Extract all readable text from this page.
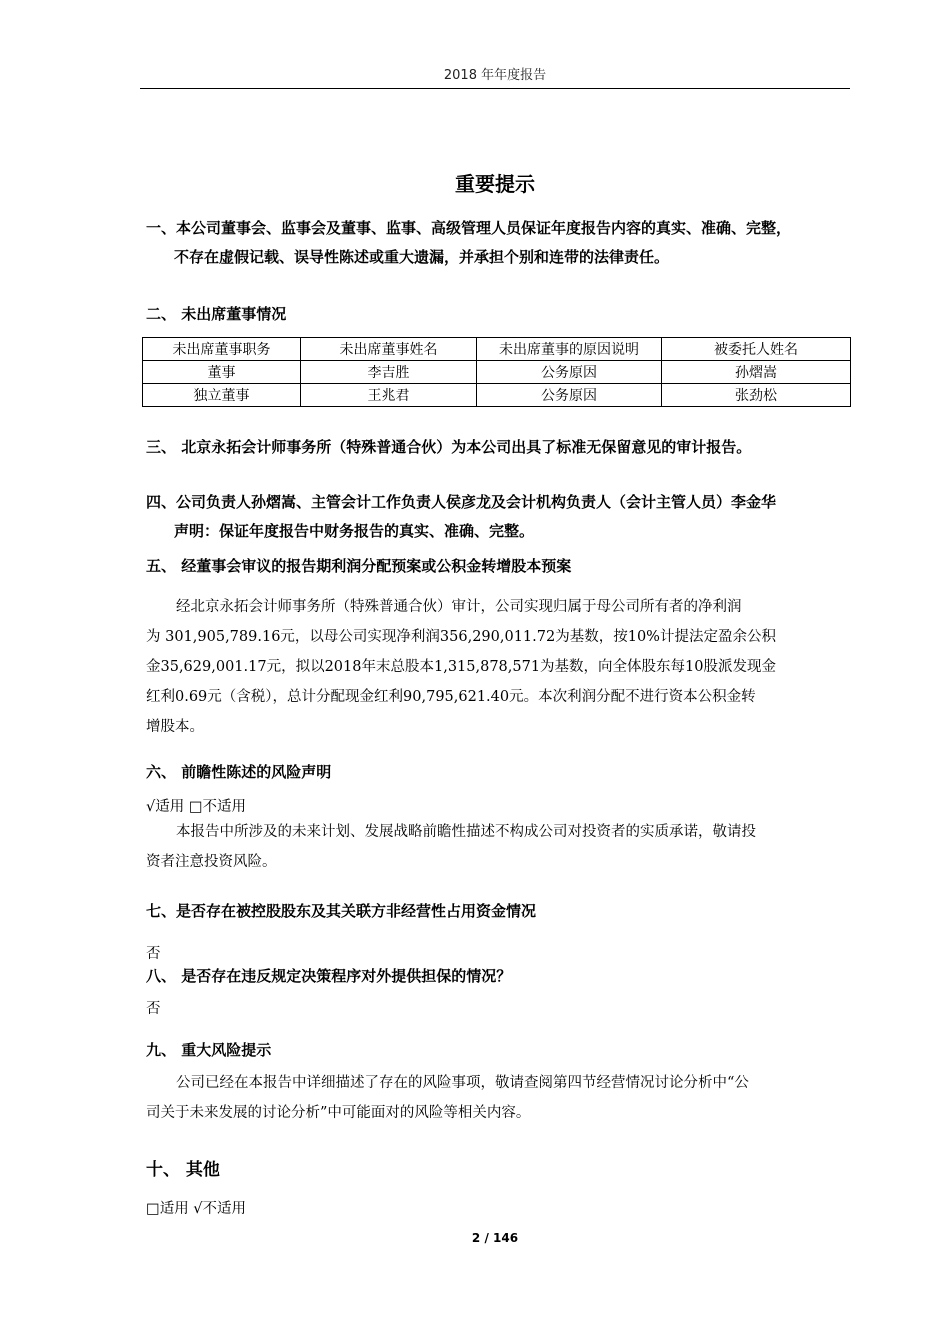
2018 年年度报告
重要提示
一、本公司董事会、监事会及董事、监事、高级管理人员保证年度报告内容的真实、准确、完整，
不存在虚假记载、误导性陈述或重大遗漏，并承担个别和连带的法律责任。
二、 未出席董事情况
未出席董事职务	未出席董事姓名	未出席董事的原因说明	被委托人姓名
董事	李吉胜	公务原因	孙熠嵩
独立董事	王兆君	公务原因	张劲松
三、 北京永拓会计师事务所（特殊普通合伙）为本公司出具了标准无保留意见的审计报告。
四、公司负责人孙熠嵩、主管会计工作负责人侯彦龙及会计机构负责人（会计主管人员）李金华
声明：保证年度报告中财务报告的真实、准确、完整。
五、 经董事会审议的报告期利润分配预案或公积金转增股本预案
经北京永拓会计师事务所（特殊普通合伙）审计，公司实现归属于母公司所有者的净利润
为 301,905,789.16元，以母公司实现净利润356,290,011.72为基数，按10%计提法定盈余公积
金35,629,001.17元，拟以2018年末总股本1,315,878,571为基数，向全体股东每10股派发现金
红利0.69元（含税），总计分配现金红利90,795,621.40元。本次利润分配不进行资本公积金转
增股本。
六、 前瞻性陈述的风险声明
√适用 □不适用
本报告中所涉及的未来计划、发展战略前瞻性描述不构成公司对投资者的实质承诺，敬请投
资者注意投资风险。
七、是否存在被控股股东及其关联方非经营性占用资金情况
否
八、 是否存在违反规定决策程序对外提供担保的情况？
否
九、 重大风险提示
公司已经在本报告中详细描述了存在的风险事项，敬请查阅第四节经营情况讨论分析中“公
司关于未来发展的讨论分析”中可能面对的风险等相关内容。
十、 其他
□适用 √不适用
2 / 146
